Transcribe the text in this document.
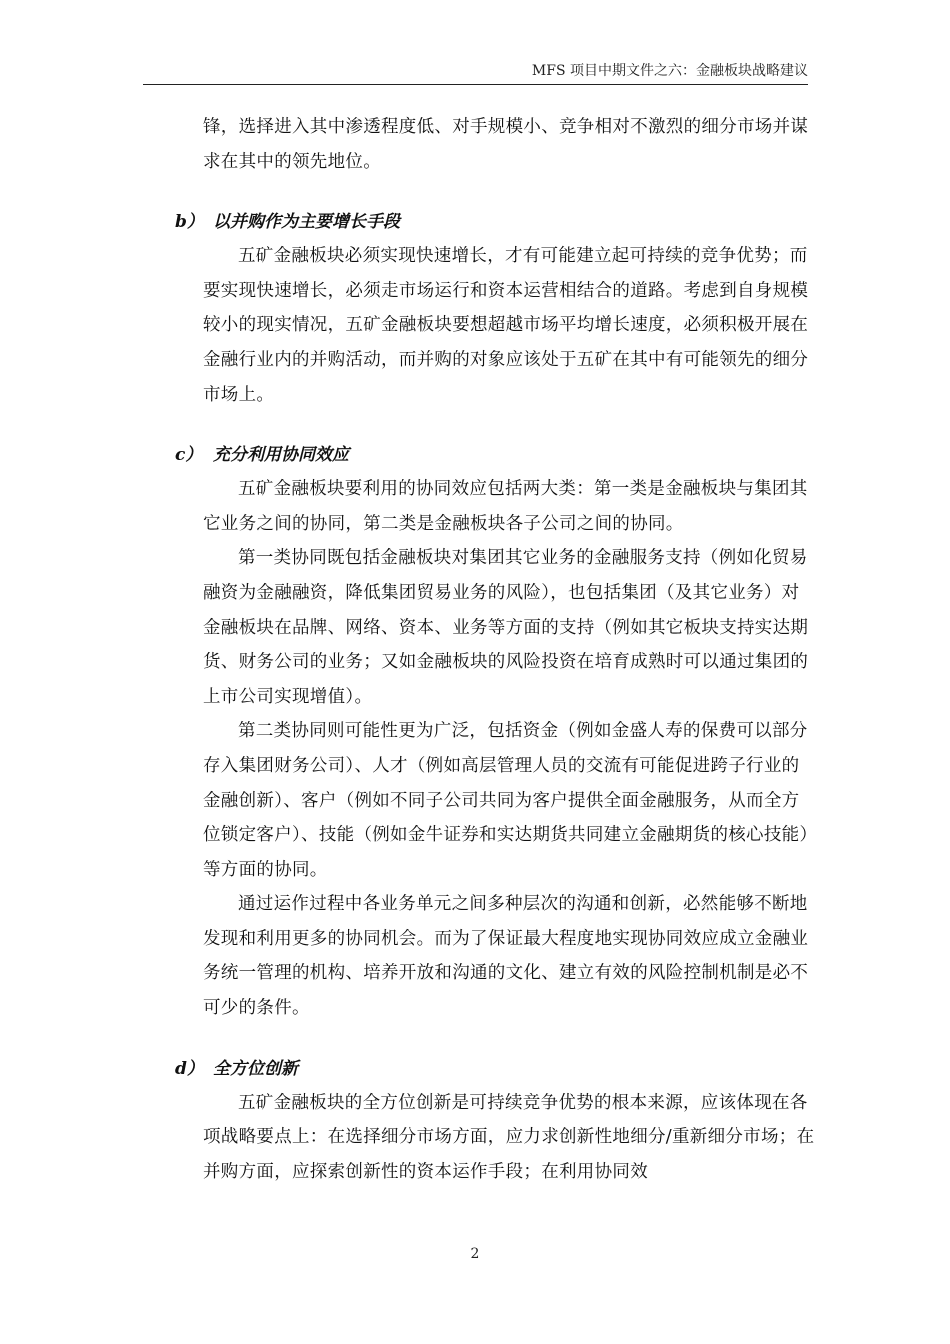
MFS 项目中期文件之六：金融板块战略建议

锋，选择进入其中渗透程度低、对手规模小、竞争相对不激烈的细分市场并谋求在其中的领先地位。

b） 以并购作为主要增长手段

五矿金融板块必须实现快速增长，才有可能建立起可持续的竞争优势；而要实现快速增长，必须走市场运行和资本运营相结合的道路。考虑到自身规模较小的现实情况，五矿金融板块要想超越市场平均增长速度，必须积极开展在金融行业内的并购活动，而并购的对象应该处于五矿在其中有可能领先的细分市场上。

c） 充分利用协同效应

五矿金融板块要利用的协同效应包括两大类：第一类是金融板块与集团其它业务之间的协同，第二类是金融板块各子公司之间的协同。

第一类协同既包括金融板块对集团其它业务的金融服务支持（例如化贸易融资为金融融资，降低集团贸易业务的风险），也包括集团（及其它业务）对金融板块在品牌、网络、资本、业务等方面的支持（例如其它板块支持实达期货、财务公司的业务；又如金融板块的风险投资在培育成熟时可以通过集团的上市公司实现增值）。

第二类协同则可能性更为广泛，包括资金（例如金盛人寿的保费可以部分存入集团财务公司）、人才（例如高层管理人员的交流有可能促进跨子行业的金融创新）、客户（例如不同子公司共同为客户提供全面金融服务，从而全方位锁定客户）、技能（例如金牛证券和实达期货共同建立金融期货的核心技能）等方面的协同。

通过运作过程中各业务单元之间多种层次的沟通和创新，必然能够不断地发现和利用更多的协同机会。而为了保证最大程度地实现协同效应成立金融业务统一管理的机构、培养开放和沟通的文化、建立有效的风险控制机制是必不可少的条件。

d） 全方位创新

五矿金融板块的全方位创新是可持续竞争优势的根本来源，应该体现在各项战略要点上：在选择细分市场方面，应力求创新性地细分/重新细分市场；在并购方面，应探索创新性的资本运作手段；在利用协同效

2
